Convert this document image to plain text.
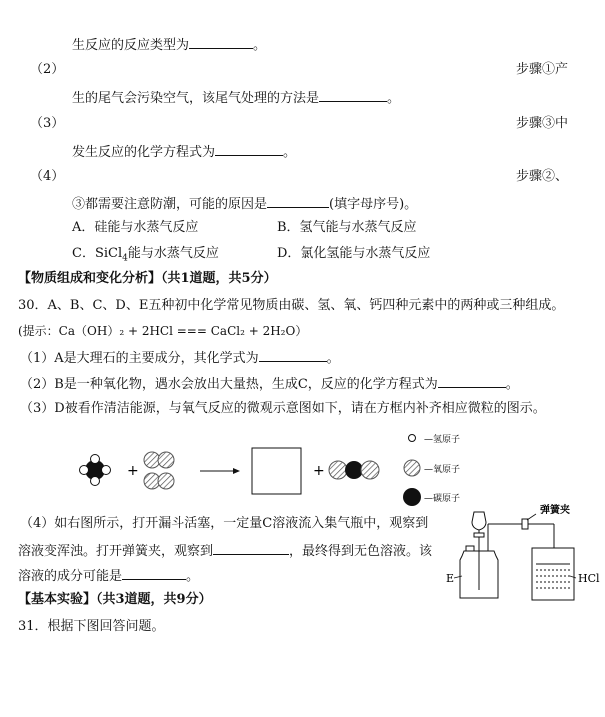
生反应的反应类型为	。
（2）	步骤①产
生的尾气会污染空气，该尾气处理的方法是	。
（3）	步骤③中
发生反应的化学方程式为	。
（4）	步骤②、
③都需要注意防潮，可能的原因是	(填字母序号)。
A．硅能与水蒸气反应	B．氢气能与水蒸气反应
C．SiCl$_4$能与水蒸气反应	D．氯化氢能与水蒸气反应
【物质组成和变化分析】（共1道题，共5分）
30．A、B、C、D、E五种初中化学常见物质由碳、氢、氧、钙四种元素中的两种或三种组成。
(提示：Ca（OH）₂ + 2HCl === CaCl₂ + 2H₂O）
（1）A是大理石的主要成分，其化学式为	。
（2）B是一种氧化物，遇水会放出大量热，生成C，反应的化学方程式为	。
（3）D被看作清洁能源，与氧气反应的微观示意图如下，请在方框内补齐相应微粒的图示。
+	+
—氢原子
—氧原子
—碳原子
（4）如右图所示，打开漏斗活塞，一定量C溶液流入集气瓶中，观察到
溶液变浑浊。打开弹簧夹，观察到	，最终得到无色溶液。该
溶液的成分可能是	。
弹簧夹
E	HCl
【基本实验】（共3道题，共9分）
31．根据下图回答问题。
